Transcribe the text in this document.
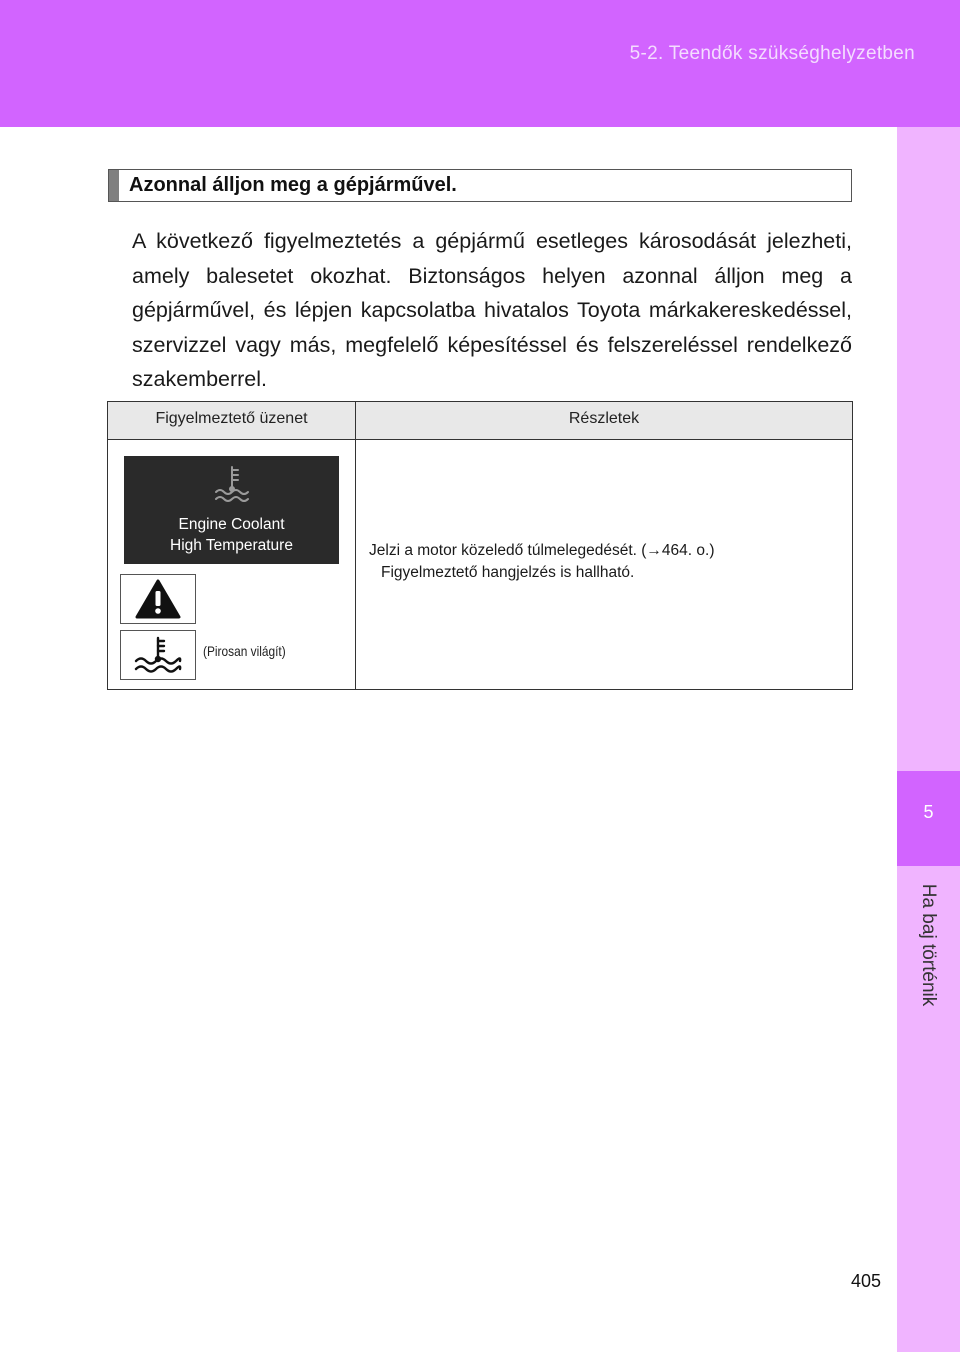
5-2. Teendők szükséghelyzetben
5
Ha baj történik
Azonnal álljon meg a gépjárművel.
A következő figyelmeztetés a gépjármű esetleges károsodását jelezheti, amely balesetet okozhat. Biztonságos helyen azonnal álljon meg a gépjárművel, és lépjen kapcsolatba hivatalos Toyota márkakereskedéssel, szervizzel vagy más, megfelelő képesítéssel és felszereléssel rendelkező szakemberrel.
Figyelmeztető üzenet	Részletek
Engine Coolant
High Temperature
(Pirosan világít)
Jelzi a motor közeledő túlmelegedését. (→464. o.)
Figyelmeztető hangjelzés is hallható.
405
